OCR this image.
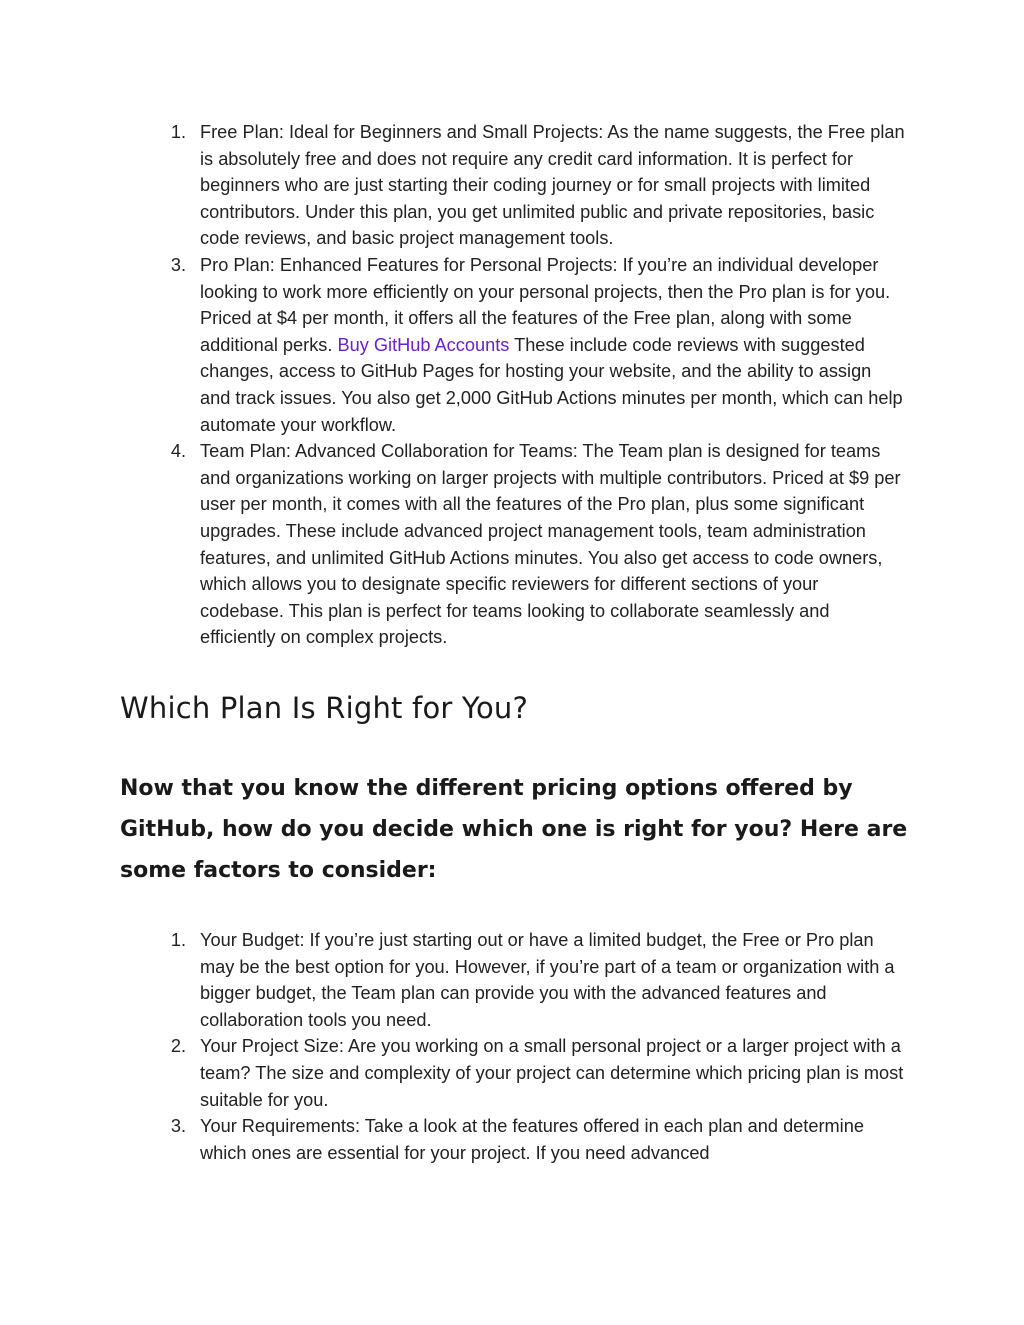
1. Free Plan: Ideal for Beginners and Small Projects: As the name suggests, the Free plan is absolutely free and does not require any credit card information. It is perfect for beginners who are just starting their coding journey or for small projects with limited contributors. Under this plan, you get unlimited public and private repositories, basic code reviews, and basic project management tools.
3. Pro Plan: Enhanced Features for Personal Projects: If you’re an individual developer looking to work more efficiently on your personal projects, then the Pro plan is for you. Priced at $4 per month, it offers all the features of the Free plan, along with some additional perks. Buy GitHub Accounts These include code reviews with suggested changes, access to GitHub Pages for hosting your website, and the ability to assign and track issues. You also get 2,000 GitHub Actions minutes per month, which can help automate your workflow.
4. Team Plan: Advanced Collaboration for Teams: The Team plan is designed for teams and organizations working on larger projects with multiple contributors. Priced at $9 per user per month, it comes with all the features of the Pro plan, plus some significant upgrades. These include advanced project management tools, team administration features, and unlimited GitHub Actions minutes. You also get access to code owners, which allows you to designate specific reviewers for different sections of your codebase. This plan is perfect for teams looking to collaborate seamlessly and efficiently on complex projects.
Which Plan Is Right for You?
Now that you know the different pricing options offered by GitHub, how do you decide which one is right for you? Here are some factors to consider:
1. Your Budget: If you’re just starting out or have a limited budget, the Free or Pro plan may be the best option for you. However, if you’re part of a team or organization with a bigger budget, the Team plan can provide you with the advanced features and collaboration tools you need.
2. Your Project Size: Are you working on a small personal project or a larger project with a team? The size and complexity of your project can determine which pricing plan is most suitable for you.
3. Your Requirements: Take a look at the features offered in each plan and determine which ones are essential for your project. If you need advanced
